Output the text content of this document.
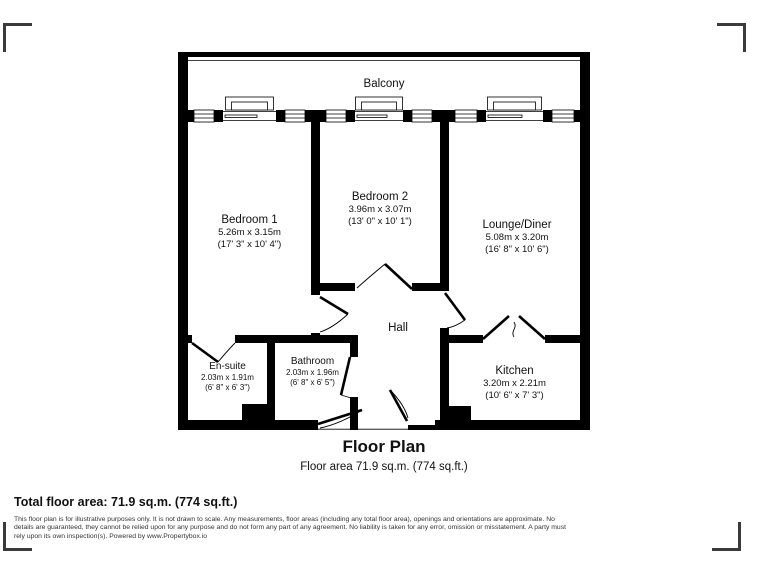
Balcony
Bedroom 1
5.26m x 3.15m
(17' 3" x 10' 4")
Bedroom 2
3.96m x 3.07m
(13' 0" x 10' 1")	Lounge/Diner
5.08m x 3.20m
(16' 8" x 10' 6")
En-suite
2.03m x 1.91m
(6' 8" x 6' 3")
Bathroom
2.03m x 1.96m
(6' 8" x 6' 5")
Hall
Kitchen
3.20m x 2.21m
(10' 6" x 7' 3")
Floor Plan
Floor area 71.9 sq.m. (774 sq.ft.)
Total floor area: 71.9 sq.m. (774 sq.ft.)
This floor plan is for illustrative purposes only. It is not drawn to scale. Any measurements, floor areas (including any total floor area), openings and orientations are approximate. No details are guaranteed, they cannot be relied upon for any purpose and do not form any part of any agreement. No liability is taken for any error, omission or misstatement. A party must rely upon its own inspection(s). Powered by www.Propertybox.io
